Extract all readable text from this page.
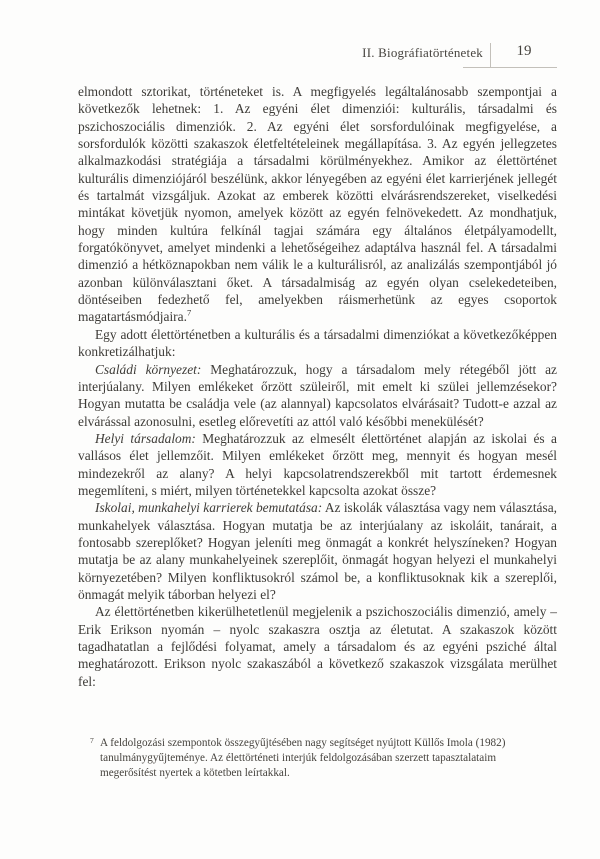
II. Biográfiatörténetek	19

elmondott sztorikat, történeteket is. A megfigyelés legáltalánosabb szempontjai a következők lehetnek: 1. Az egyéni élet dimenziói: kulturális, társadalmi és pszichoszociális dimenziók. 2. Az egyéni élet sorsfordulóinak megfigyelése, a sorsfordulók közötti szakaszok életfeltételeinek megállapítása. 3. Az egyén jellegzetes alkalmazkodási stratégiája a társadalmi körülményekhez. Amikor az élettörténet kulturális dimenziójáról beszélünk, akkor lényegében az egyéni élet karrierjének jellegét és tartalmát vizsgáljuk. Azokat az emberek közötti elvárásrendszereket, viselkedési mintákat követjük nyomon, amelyek között az egyén felnövekedett. Az mondhatjuk, hogy minden kultúra felkínál tagjai számára egy általános életpályamodellt, forgatókönyvet, amelyet mindenki a lehetőségeihez adaptálva használ fel. A társadalmi dimenzió a hétköznapokban nem válik le a kulturálisról, az analizálás szempontjából jó azonban különválasztani őket. A társadalmiság az egyén olyan cselekedeteiben, döntéseiben fedezhető fel, amelyekben ráismerhetünk az egyes csoportok magatartásmódjaira.$^7$

Egy adott élettörténetben a kulturális és a társadalmi dimenziókat a következőképpen konkretizálhatjuk:

Családi környezet: Meghatározzuk, hogy a társadalom mely rétegéből jött az interjúalany. Milyen emlékeket őrzött szüleiről, mit emelt ki szülei jellemzésekor? Hogyan mutatta be családja vele (az alannyal) kapcsolatos elvárásait? Tudott-e azzal az elvárással azonosulni, esetleg előrevetíti az attól való későbbi menekülését?

Helyi társadalom: Meghatározzuk az elmesélt élettörténet alapján az iskolai és a vallásos élet jellemzőit. Milyen emlékeket őrzött meg, mennyit és hogyan mesél mindezekről az alany? A helyi kapcsolatrendszerekből mit tartott érdemesnek megemlíteni, s miért, milyen történetekkel kapcsolta azokat össze?

Iskolai, munkahelyi karrierek bemutatása: Az iskolák választása vagy nem választása, munkahelyek választása. Hogyan mutatja be az interjúalany az iskoláit, tanárait, a fontosabb szereplőket? Hogyan jeleníti meg önmagát a konkrét helyszíneken? Hogyan mutatja be az alany munkahelyeinek szereplőit, önmagát hogyan helyezi el munkahelyi környezetében? Milyen konfliktusokról számol be, a konfliktusoknak kik a szereplői, önmagát melyik táborban helyezi el?

Az élettörténetben kikerülhetetlenül megjelenik a pszichoszociális dimenzió, amely – Erik Erikson nyomán – nyolc szakaszra osztja az életutat. A szakaszok között tagadhatatlan a fejlődési folyamat, amely a társadalom és az egyéni psziché által meghatározott. Erikson nyolc szakaszából a következő szakaszok vizsgálata merülhet fel:

7 A feldolgozási szempontok összegyűjtésében nagy segítséget nyújtott Küllős Imola (1982) tanulmánygyűjteménye. Az élettörténeti interjúk feldolgozásában szerzett tapasztalataim megerősítést nyertek a kötetben leírtakkal.
